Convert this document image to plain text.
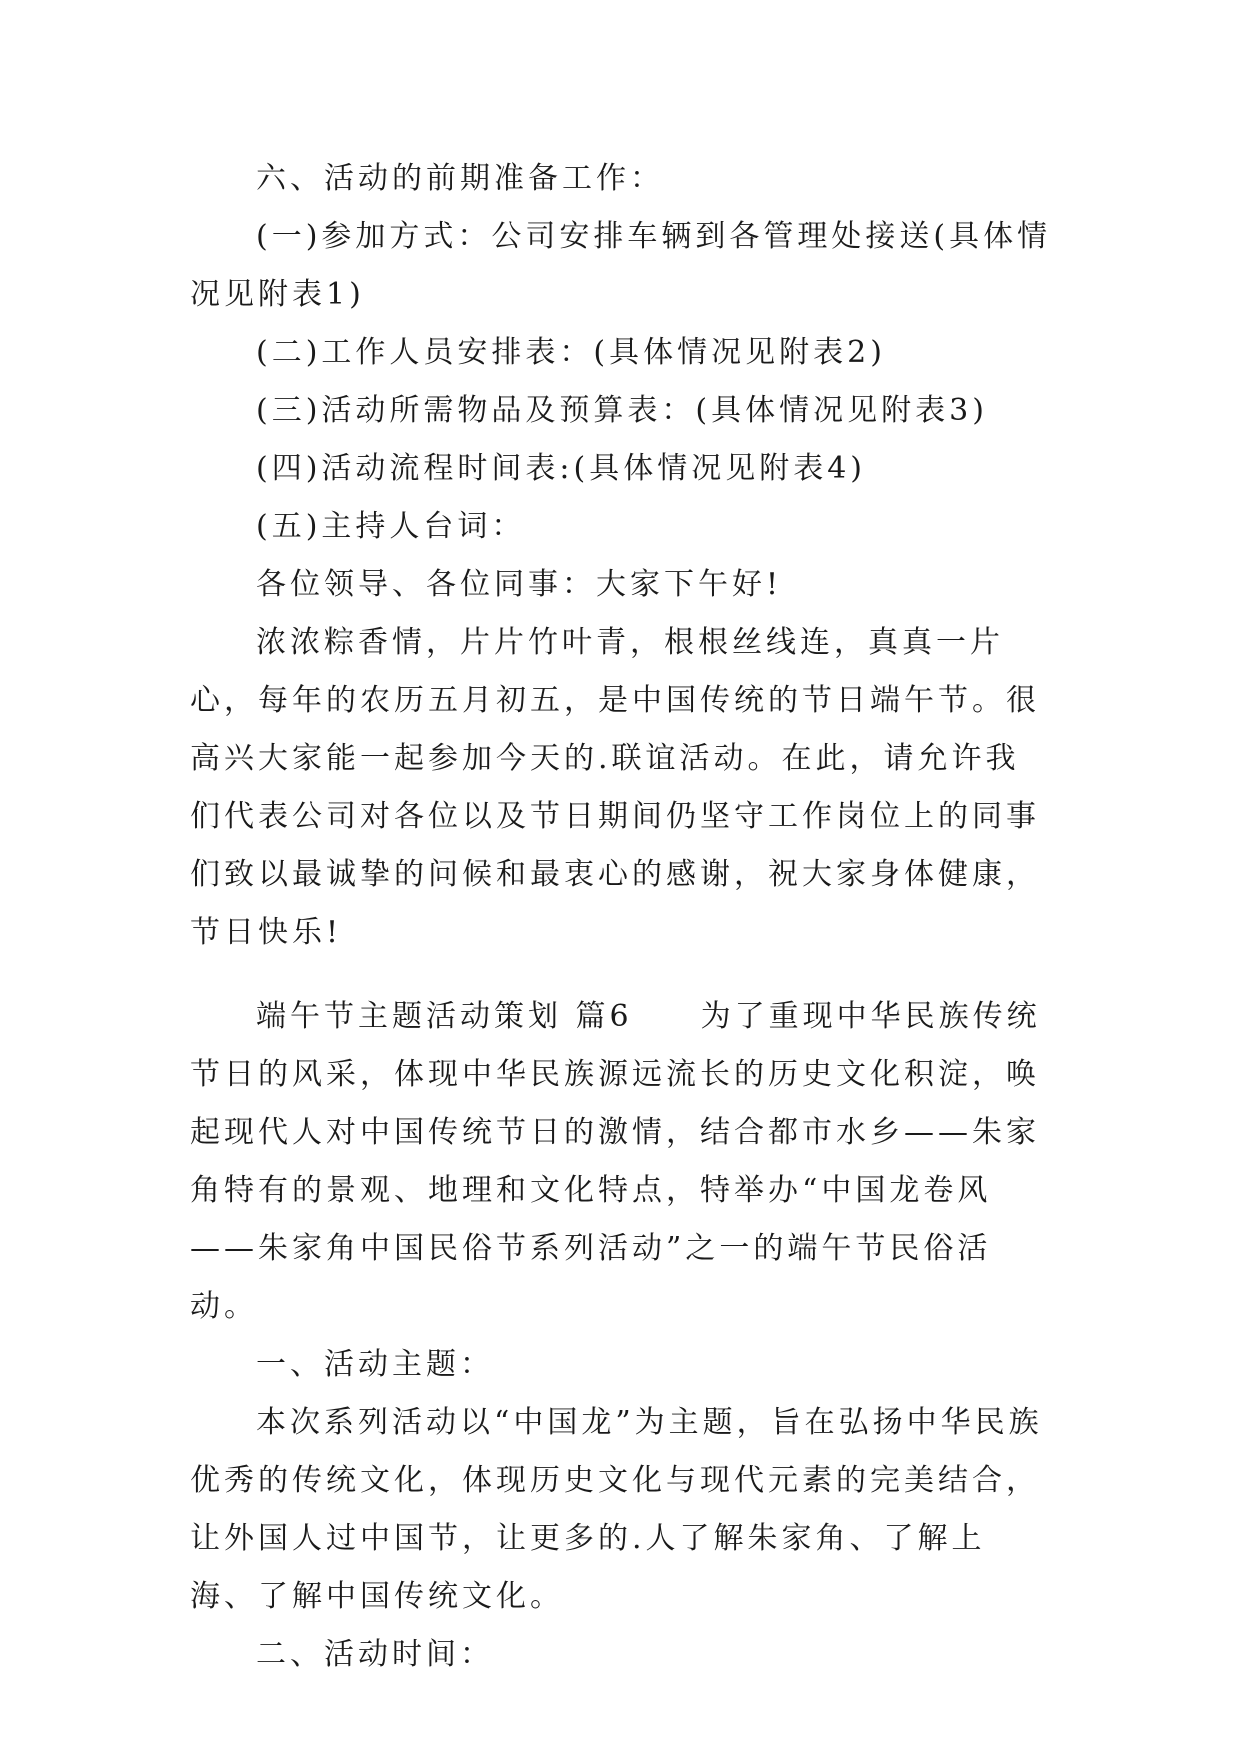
六、活动的前期准备工作：

(一)参加方式：公司安排车辆到各管理处接送(具体情况见附表1)

(二)工作人员安排表：(具体情况见附表2)

(三)活动所需物品及预算表：(具体情况见附表3)

(四)活动流程时间表:(具体情况见附表4)

(五)主持人台词：

各位领导、各位同事：大家下午好!

浓浓粽香情，片片竹叶青，根根丝线连，真真一片心，每年的农历五月初五，是中国传统的节日端午节。很高兴大家能一起参加今天的.联谊活动。在此，请允许我们代表公司对各位以及节日期间仍坚守工作岗位上的同事们致以最诚挚的问候和最衷心的感谢，祝大家身体健康，节日快乐!

端午节主题活动策划 篇6　　为了重现中华民族传统节日的风采，体现中华民族源远流长的历史文化积淀，唤起现代人对中国传统节日的激情，结合都市水乡——朱家角特有的景观、地理和文化特点，特举办“中国龙卷风——朱家角中国民俗节系列活动”之一的端午节民俗活动。

一、活动主题：

本次系列活动以“中国龙”为主题，旨在弘扬中华民族优秀的传统文化，体现历史文化与现代元素的完美结合，让外国人过中国节，让更多的.人了解朱家角、了解上海、了解中国传统文化。

二、活动时间：
